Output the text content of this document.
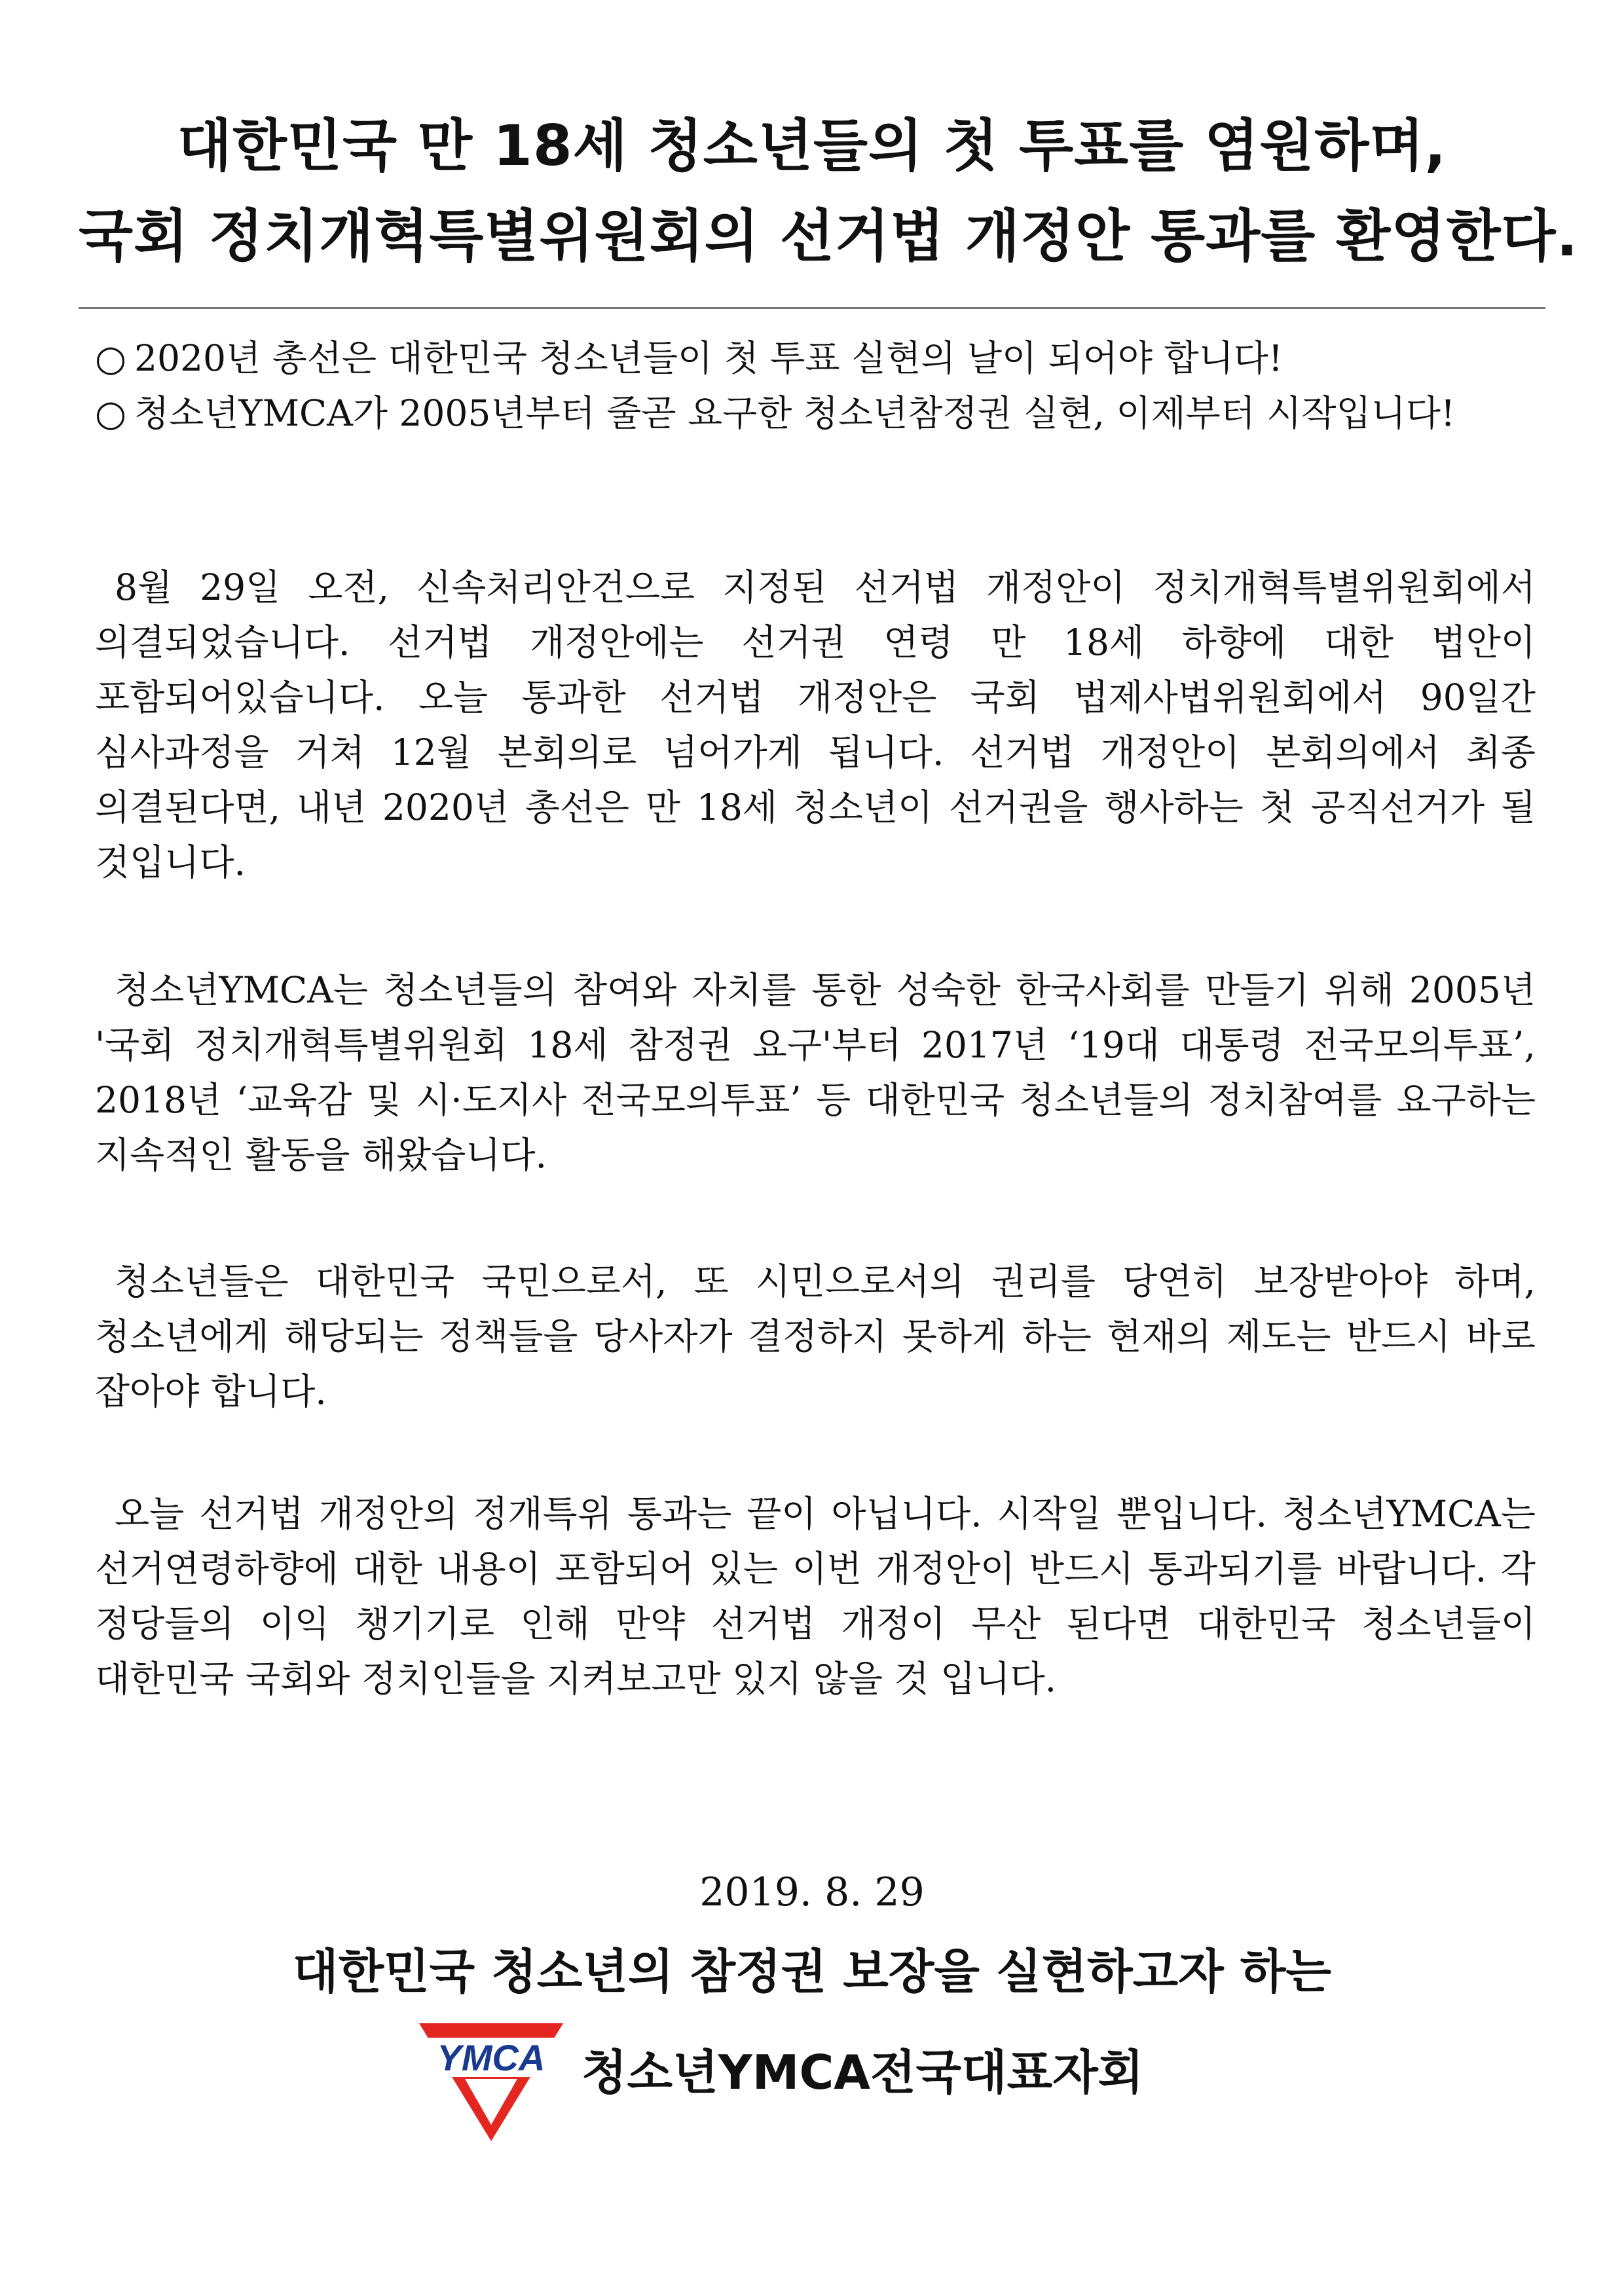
대한민국 만 18세 청소년들의 첫 투표를 염원하며,
국회 정치개혁특별위원회의 선거법 개정안 통과를 환영한다.
○ 2020년 총선은 대한민국 청소년들이 첫 투표 실현의 날이 되어야 합니다!
○ 청소년YMCA가 2005년부터 줄곧 요구한 청소년참정권 실현, 이제부터 시작입니다!

8월 29일 오전, 신속처리안건으로 지정된 선거법 개정안이 정치개혁특별위원회에서 의결되었습니다. 선거법 개정안에는 선거권 연령 만 18세 하향에 대한 법안이 포함되어있습니다. 오늘 통과한 선거법 개정안은 국회 법제사법위원회에서 90일간 심사과정을 거쳐 12월 본회의로 넘어가게 됩니다. 선거법 개정안이 본회의에서 최종 의결된다면, 내년 2020년 총선은 만 18세 청소년이 선거권을 행사하는 첫 공직선거가 될 것입니다.

청소년YMCA는 청소년들의 참여와 자치를 통한 성숙한 한국사회를 만들기 위해 2005년 '국회 정치개혁특별위원회 18세 참정권 요구'부터 2017년 ‘19대 대통령 전국모의투표’, 2018년 ‘교육감 및 시·도지사 전국모의투표’ 등 대한민국 청소년들의 정치참여를 요구하는 지속적인 활동을 해왔습니다.

청소년들은 대한민국 국민으로서, 또 시민으로서의 권리를 당연히 보장받아야 하며, 청소년에게 해당되는 정책들을 당사자가 결정하지 못하게 하는 현재의 제도는 반드시 바로 잡아야 합니다.

오늘 선거법 개정안의 정개특위 통과는 끝이 아닙니다. 시작일 뿐입니다. 청소년YMCA는 선거연령하향에 대한 내용이 포함되어 있는 이번 개정안이 반드시 통과되기를 바랍니다. 각 정당들의 이익 챙기기로 인해 만약 선거법 개정이 무산 된다면 대한민국 청소년들이 대한민국 국회와 정치인들을 지켜보고만 있지 않을 것 입니다.

2019. 8. 29
대한민국 청소년의 참정권 보장을 실현하고자 하는
YMCA 청소년YMCA전국대표자회
